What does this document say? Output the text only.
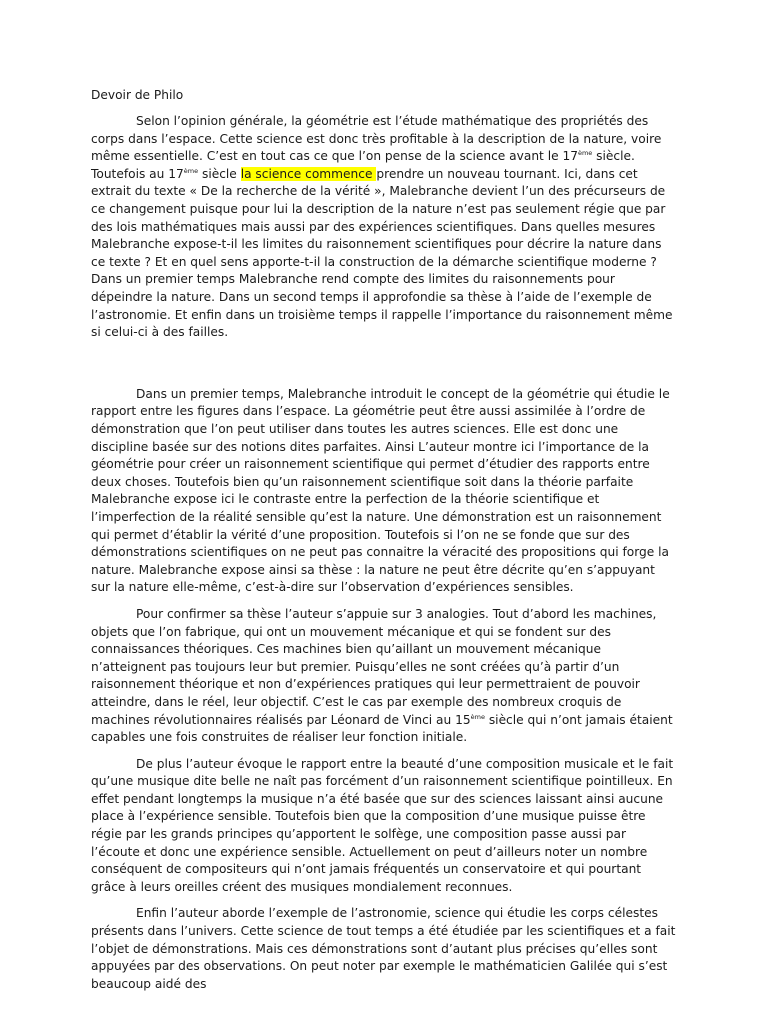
Devoir de Philo

Selon l’opinion générale, la géométrie est l’étude mathématique des propriétés des corps dans l’espace. Cette science est donc très profitable à la description de la nature, voire même essentielle. C’est en tout cas ce que l’on pense de la science avant le 17ème siècle. Toutefois au 17ème siècle la science commence prendre un nouveau tournant. Ici, dans cet extrait du texte « De la recherche de la vérité », Malebranche devient l’un des précurseurs de ce changement puisque pour lui la description de la nature n’est pas seulement régie que par des lois mathématiques mais aussi par des expériences scientifiques. Dans quelles mesures Malebranche expose-t-il les limites du raisonnement scientifiques pour décrire la nature dans ce texte ? Et en quel sens apporte-t-il la construction de la démarche scientifique moderne ? Dans un premier temps Malebranche rend compte des limites du raisonnements pour dépeindre la nature. Dans un second temps il approfondie sa thèse à l’aide de l’exemple de l’astronomie. Et enfin dans un troisième temps il rappelle l’importance du raisonnement même si celui-ci à des failles.

Dans un premier temps, Malebranche introduit le concept de la géométrie qui étudie le rapport entre les figures dans l’espace. La géométrie peut être aussi assimilée à l’ordre de démonstration que l’on peut utiliser dans toutes les autres sciences. Elle est donc une discipline basée sur des notions dites parfaites. Ainsi L’auteur montre ici l’importance de la géométrie pour créer un raisonnement scientifique qui permet d’étudier des rapports entre deux choses. Toutefois bien qu’un raisonnement scientifique soit dans la théorie parfaite Malebranche expose ici le contraste entre la perfection de la théorie scientifique et l’imperfection de la réalité sensible qu’est la nature. Une démonstration est un raisonnement qui permet d’établir la vérité d’une proposition. Toutefois si l’on ne se fonde que sur des démonstrations scientifiques on ne peut pas connaitre la véracité des propositions qui forge la nature. Malebranche expose ainsi sa thèse : la nature ne peut être décrite qu’en s’appuyant sur la nature elle-même, c’est-à-dire sur l’observation d’expériences sensibles.

Pour confirmer sa thèse l’auteur s’appuie sur 3 analogies. Tout d’abord les machines, objets que l’on fabrique, qui ont un mouvement mécanique et qui se fondent sur des connaissances théoriques. Ces machines bien qu’aillant un mouvement mécanique n’atteignent pas toujours leur but premier. Puisqu’elles ne sont créées qu’à partir d’un raisonnement théorique et non d’expériences pratiques qui leur permettraient de pouvoir atteindre, dans le réel, leur objectif. C’est le cas par exemple des nombreux croquis de machines révolutionnaires réalisés par Léonard de Vinci au 15ème siècle qui n’ont jamais étaient capables une fois construites de réaliser leur fonction initiale.

De plus l’auteur évoque le rapport entre la beauté d’une composition musicale et le fait qu’une musique dite belle ne naît pas forcément d’un raisonnement scientifique pointilleux. En effet pendant longtemps la musique n’a été basée que sur des sciences laissant ainsi aucune place à l’expérience sensible. Toutefois bien que la composition d’une musique puisse être régie par les grands principes qu’apportent le solfège, une composition passe aussi par l’écoute et donc une expérience sensible. Actuellement on peut d’ailleurs noter un nombre conséquent de compositeurs qui n’ont jamais fréquentés un conservatoire et qui pourtant grâce à leurs oreilles créent des musiques mondialement reconnues.

Enfin l’auteur aborde l’exemple de l’astronomie, science qui étudie les corps célestes présents dans l’univers. Cette science de tout temps a été étudiée par les scientifiques et a fait l’objet de démonstrations. Mais ces démonstrations sont d’autant plus précises qu’elles sont appuyées par des observations. On peut noter par exemple le mathématicien Galilée qui s’est beaucoup aidé des
